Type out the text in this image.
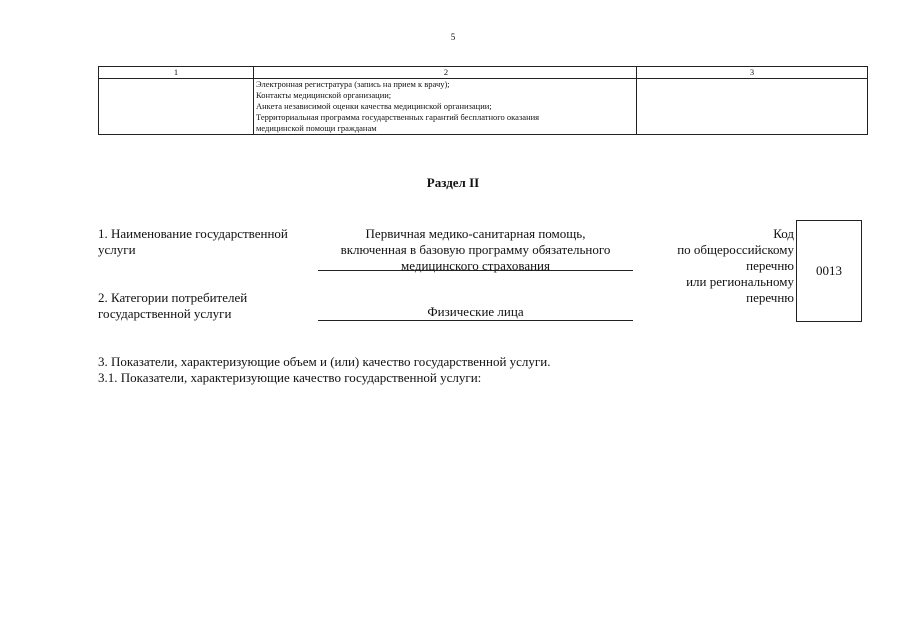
5
1	2	3

	Электронная регистратура (запись на прием к врачу);
Контакты медицинской организации;
Анкета независимой оценки качества медицинской организации;
Территориальная программа государственных гарантий бесплатного оказания
медицинской помощи гражданам	

Раздел II
1. Наименование государственной
услуги
Первичная медико-санитарная помощь,
включенная в базовую программу обязательного
медицинского страхования
2. Категории потребителей
государственной услуги	Физические лица
Код
по общероссийскому
перечню
или региональному
перечню
0013
3. Показатели, характеризующие объем и (или) качество государственной услуги.
3.1. Показатели, характеризующие качество государственной услуги:
